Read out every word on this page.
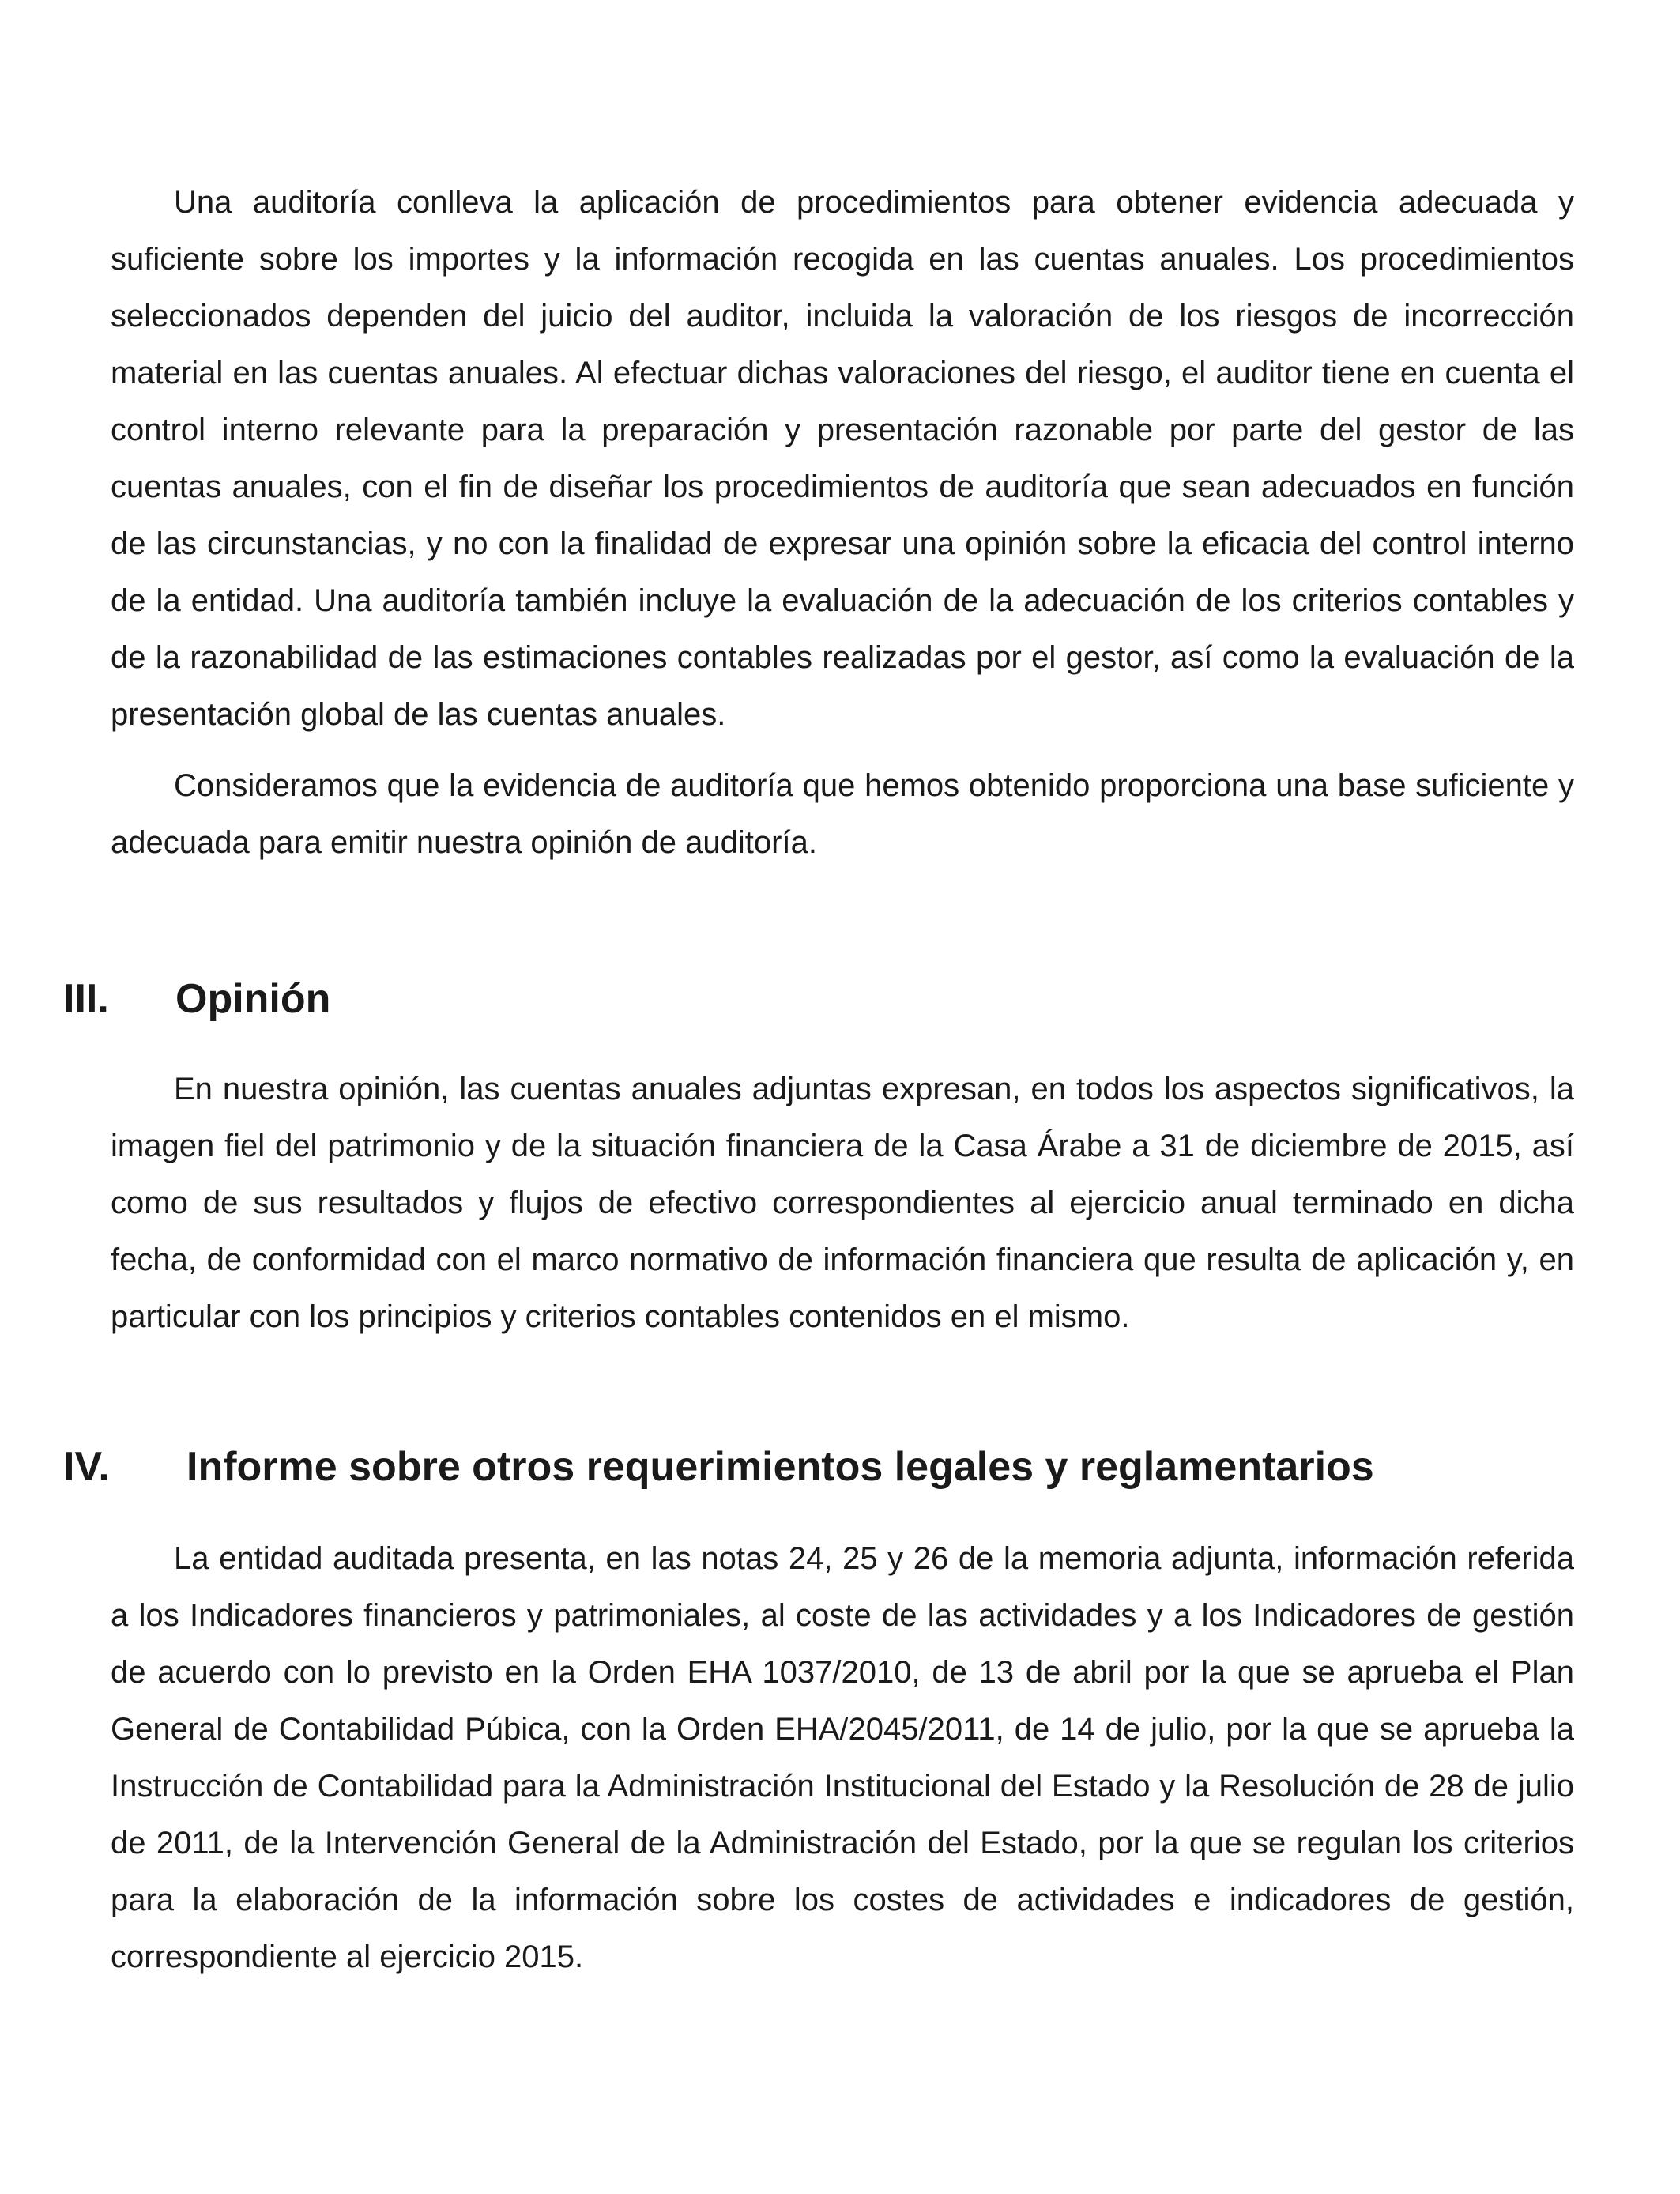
Una auditoría conlleva la aplicación de procedimientos para obtener evidencia adecuada y suficiente sobre los importes y la información recogida en las cuentas anuales. Los procedimientos seleccionados dependen del juicio del auditor, incluida la valoración de los riesgos de incorrección material en las cuentas anuales. Al efectuar dichas valoraciones del riesgo, el auditor tiene en cuenta el control interno relevante para la preparación y presentación razonable por parte del gestor de las cuentas anuales, con el fin de diseñar los procedimientos de auditoría que sean adecuados en función de las circunstancias, y no con la finalidad de expresar una opinión sobre la eficacia del control interno de la entidad. Una auditoría también incluye la evaluación de la adecuación de los criterios contables y de la razonabilidad de las estimaciones contables realizadas por el gestor, así como la evaluación de la presentación global de las cuentas anuales.

Consideramos que la evidencia de auditoría que hemos obtenido proporciona una base suficiente y adecuada para emitir nuestra opinión de auditoría.

III. Opinión

En nuestra opinión, las cuentas anuales adjuntas expresan, en todos los aspectos significativos, la imagen fiel del patrimonio y de la situación financiera de la Casa Árabe a 31 de diciembre de 2015, así como de sus resultados y flujos de efectivo correspondientes al ejercicio anual terminado en dicha fecha, de conformidad con el marco normativo de información financiera que resulta de aplicación y, en particular con los principios y criterios contables contenidos en el mismo.

IV. Informe sobre otros requerimientos legales y reglamentarios

La entidad auditada presenta, en las notas 24, 25 y 26 de la memoria adjunta, información referida a los Indicadores financieros y patrimoniales, al coste de las actividades y a los Indicadores de gestión de acuerdo con lo previsto en la Orden EHA 1037/2010, de 13 de abril por la que se aprueba el Plan General de Contabilidad Púbica, con la Orden EHA/2045/2011, de 14 de julio, por la que se aprueba la Instrucción de Contabilidad para la Administración Institucional del Estado y la Resolución de 28 de julio de 2011, de la Intervención General de la Administración del Estado, por la que se regulan los criterios para la elaboración de la información sobre los costes de actividades e indicadores de gestión, correspondiente al ejercicio 2015.
